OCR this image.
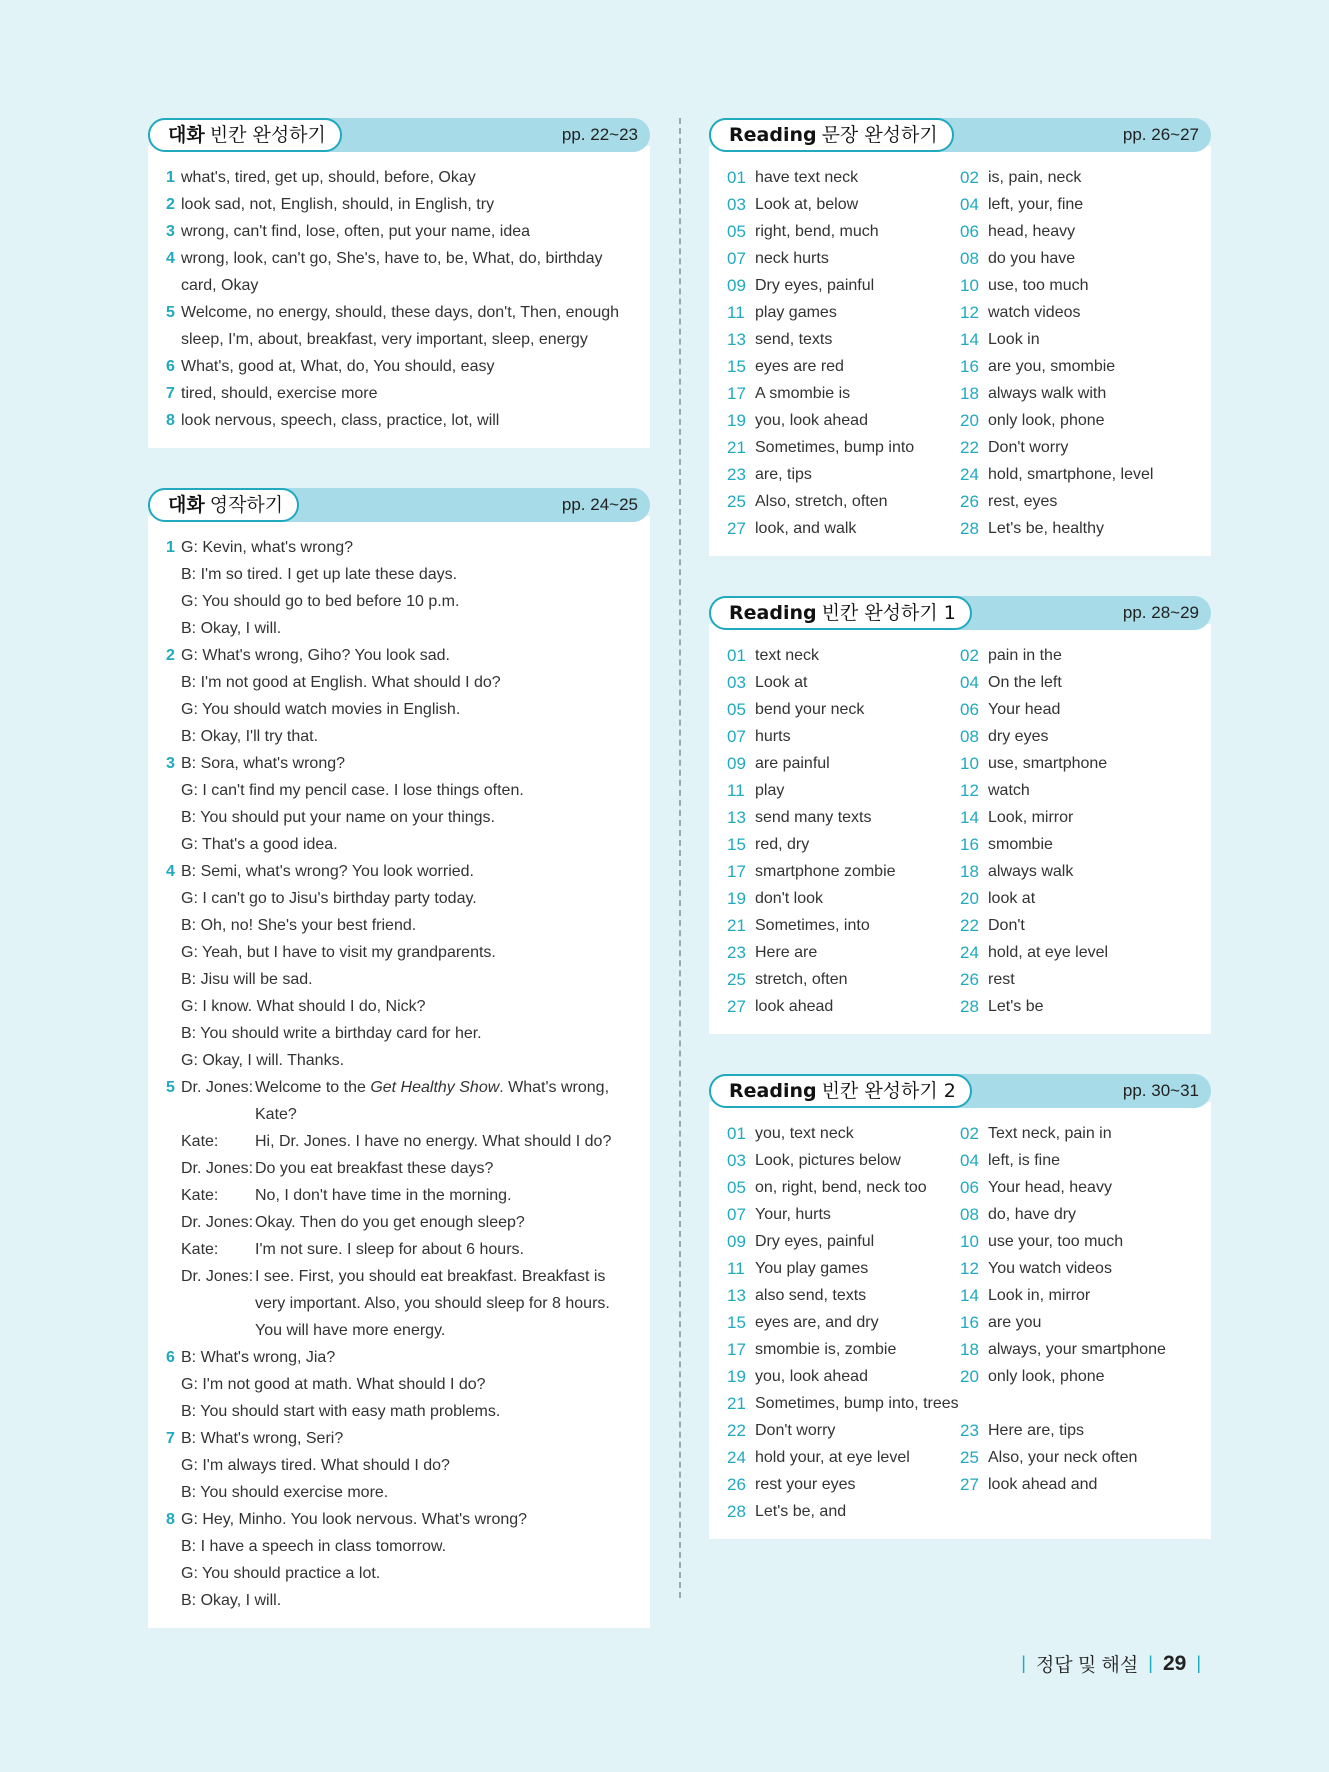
대화 빈칸 완성하기	pp. 22~23
1 what's, tired, get up, should, before, Okay
2 look sad, not, English, should, in English, try
3 wrong, can't find, lose, often, put your name, idea
4 wrong, look, can't go, She's, have to, be, What, do, birthday card, Okay
5 Welcome, no energy, should, these days, don't, Then, enough sleep, I'm, about, breakfast, very important, sleep, energy
6 What's, good at, What, do, You should, easy
7 tired, should, exercise more
8 look nervous, speech, class, practice, lot, will
대화 영작하기	pp. 24~25
1 G: Kevin, what's wrong?
B: I'm so tired. I get up late these days.
G: You should go to bed before 10 p.m.
B: Okay, I will.
2 G: What's wrong, Giho? You look sad.
B: I'm not good at English. What should I do?
G: You should watch movies in English.
B: Okay, I'll try that.
3 B: Sora, what's wrong?
G: I can't find my pencil case. I lose things often.
B: You should put your name on your things.
G: That's a good idea.
4 B: Semi, what's wrong? You look worried.
G: I can't go to Jisu's birthday party today.
B: Oh, no! She's your best friend.
G: Yeah, but I have to visit my grandparents.
B: Jisu will be sad.
G: I know. What should I do, Nick?
B: You should write a birthday card for her.
G: Okay, I will. Thanks.
5 Dr. Jones: Welcome to the Get Healthy Show. What's wrong, Kate?
Kate:	Hi, Dr. Jones. I have no energy. What should I do?
Dr. Jones: Do you eat breakfast these days?
Kate:	No, I don't have time in the morning.
Dr. Jones: Okay. Then do you get enough sleep?
Kate:	I'm not sure. I sleep for about 6 hours.
Dr. Jones: I see. First, you should eat breakfast. Breakfast is very important. Also, you should sleep for 8 hours. You will have more energy.
6 B: What's wrong, Jia?
G: I'm not good at math. What should I do?
B: You should start with easy math problems.
7 B: What's wrong, Seri?
G: I'm always tired. What should I do?
B: You should exercise more.
8 G: Hey, Minho. You look nervous. What's wrong?
B: I have a speech in class tomorrow.
G: You should practice a lot.
B: Okay, I will.
Reading 문장 완성하기	pp. 26~27
01 have text neck	02 is, pain, neck
03 Look at, below	04 left, your, fine
05 right, bend, much	06 head, heavy
07 neck hurts	08 do you have
09 Dry eyes, painful	10 use, too much
11 play games	12 watch videos
13 send, texts	14 Look in
15 eyes are red	16 are you, smombie
17 A smombie is	18 always walk with
19 you, look ahead	20 only look, phone
21 Sometimes, bump into	22 Don't worry
23 are, tips	24 hold, smartphone, level
25 Also, stretch, often	26 rest, eyes
27 look, and walk	28 Let's be, healthy
Reading 빈칸 완성하기 1	pp. 28~29
01 text neck	02 pain in the
03 Look at	04 On the left
05 bend your neck	06 Your head
07 hurts	08 dry eyes
09 are painful	10 use, smartphone
11 play	12 watch
13 send many texts	14 Look, mirror
15 red, dry	16 smombie
17 smartphone zombie	18 always walk
19 don't look	20 look at
21 Sometimes, into	22 Don't
23 Here are	24 hold, at eye level
25 stretch, often	26 rest
27 look ahead	28 Let's be
Reading 빈칸 완성하기 2	pp. 30~31
01 you, text neck	02 Text neck, pain in
03 Look, pictures below	04 left, is fine
05 on, right, bend, neck too	06 Your head, heavy
07 Your, hurts	08 do, have dry
09 Dry eyes, painful	10 use your, too much
11 You play games	12 You watch videos
13 also send, texts	14 Look in, mirror
15 eyes are, and dry	16 are you
17 smombie is, zombie	18 always, your smartphone
19 you, look ahead	20 only look, phone
21 Sometimes, bump into, trees
22 Don't worry	23 Here are, tips
24 hold your, at eye level	25 Also, your neck often
26 rest your eyes	27 look ahead and
28 Let's be, and
| 정답 및 해설 | 29 |
